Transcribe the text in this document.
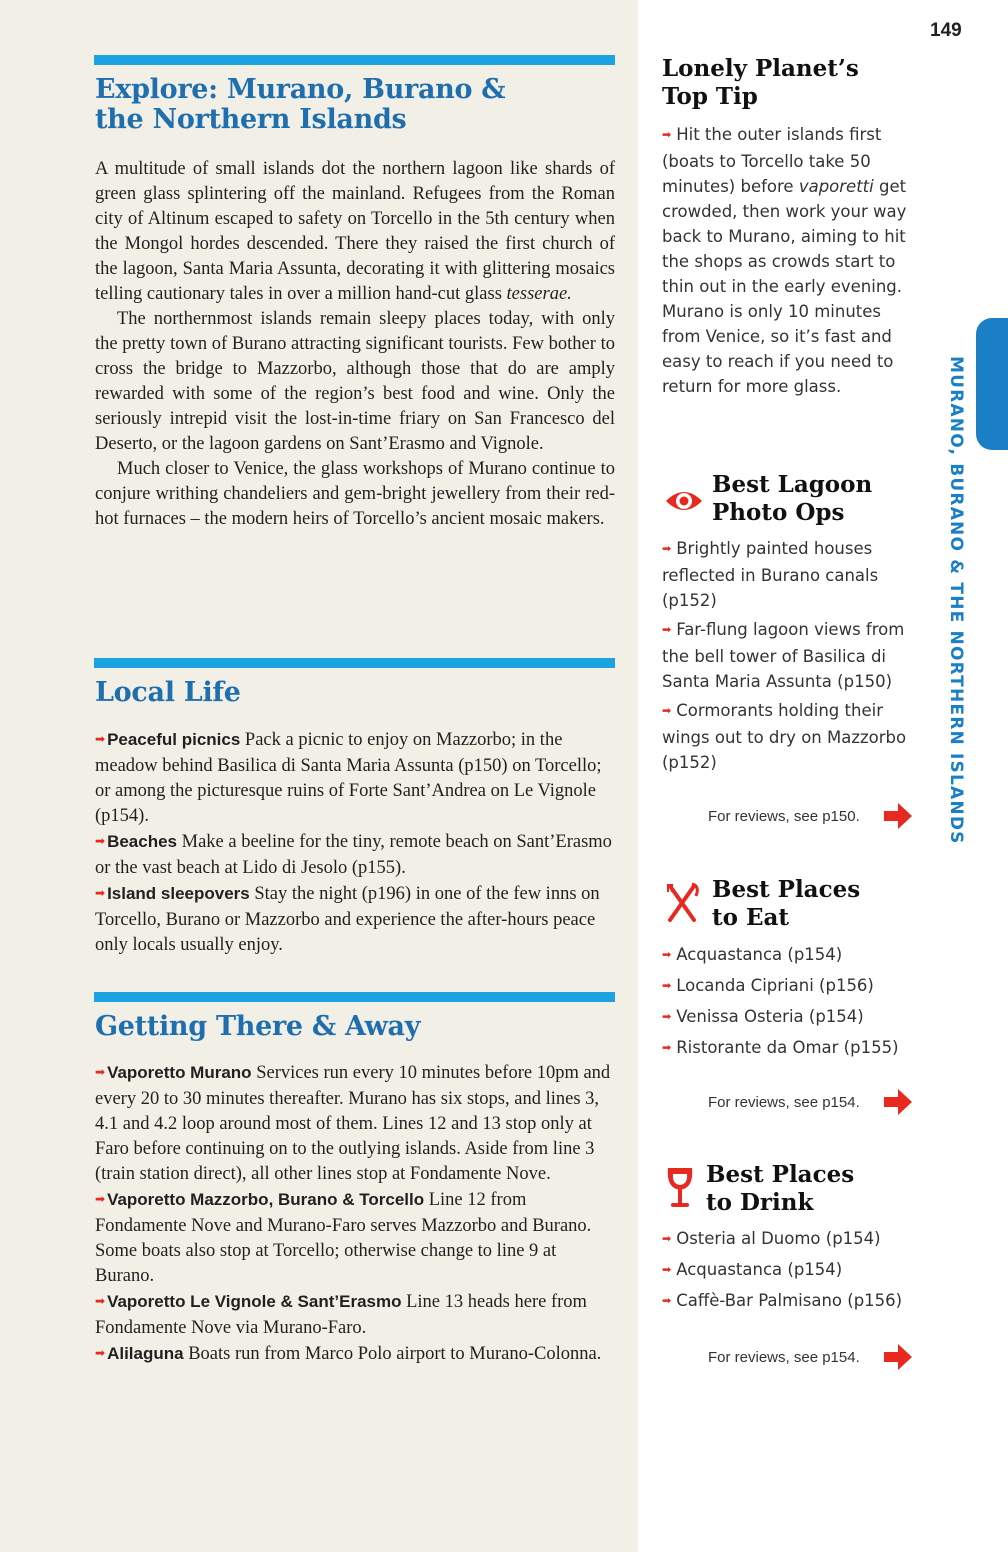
Explore: Murano, Burano &
the Northern Islands

A multitude of small islands dot the northern lagoon like shards of green glass splintering off the mainland. Refugees from the Roman city of Altinum escaped to safety on Torcello in the 5th century when the Mongol hordes descended. There they raised the first church of the lagoon, Santa Maria Assunta, decorating it with glittering mosaics telling cautionary tales in over a million hand-cut glass tesserae.

The northernmost islands remain sleepy places today, with only the pretty town of Burano attracting significant tourists. Few bother to cross the bridge to Mazzorbo, although those that do are amply rewarded with some of the region’s best food and wine. Only the seriously intrepid visit the lost-in-time friary on San Francesco del Deserto, or the lagoon gardens on Sant’Erasmo and Vignole.

Much closer to Venice, the glass workshops of Murano continue to conjure writhing chandeliers and gem-bright jewellery from their red-hot furnaces – the modern heirs of Torcello’s ancient mosaic makers.

Local Life

➡ Peaceful picnics Pack a picnic to enjoy on Mazzorbo; in the meadow behind Basilica di Santa Maria Assunta (p150) on Torcello; or among the picturesque ruins of Forte Sant’Andrea on Le Vignole (p154).

➡ Beaches Make a beeline for the tiny, remote beach on Sant’Erasmo or the vast beach at Lido di Jesolo (p155).

➡ Island sleepovers Stay the night (p196) in one of the few inns on Torcello, Burano or Mazzorbo and experience the after-hours peace only locals usually enjoy.

Getting There & Away

➡ Vaporetto Murano Services run every 10 minutes before 10pm and every 20 to 30 minutes thereafter. Murano has six stops, and lines 3, 4.1 and 4.2 loop around most of them. Lines 12 and 13 stop only at Faro before continuing on to the outlying islands. Aside from line 3 (train station direct), all other lines stop at Fondamente Nove.

➡ Vaporetto Mazzorbo, Burano & Torcello Line 12 from Fondamente Nove and Murano-Faro serves Mazzorbo and Burano. Some boats also stop at Torcello; otherwise change to line 9 at Burano.

➡ Vaporetto Le Vignole & Sant’Erasmo Line 13 heads here from Fondamente Nove via Murano-Faro.

➡ Alilaguna Boats run from Marco Polo airport to Murano-Colonna.

149
MURANO, BURANO & THE NORTHERN ISLANDS
Lonely Planet’s
Top Tip

➡ Hit the outer islands first (boats to Torcello take 50 minutes) before vaporetti get crowded, then work your way back to Murano, aiming to hit the shops as crowds start to thin out in the early evening. Murano is only 10 minutes from Venice, so it’s fast and easy to reach if you need to return for more glass.

Best Lagoon
Photo Ops

➡ Brightly painted houses reflected in Burano canals (p152)

➡ Far-flung lagoon views from the bell tower of Basilica di Santa Maria Assunta (p150)

➡ Cormorants holding their wings out to dry on Mazzorbo (p152)

For reviews, see p150.
Best Places
to Eat

➡ Acquastanca (p154)

➡ Locanda Cipriani (p156)

➡ Venissa Osteria (p154)

➡ Ristorante da Omar (p155)

For reviews, see p154.
Best Places
to Drink

➡ Osteria al Duomo (p154)

➡ Acquastanca (p154)

➡ Caffè-Bar Palmisano (p156)

For reviews, see p154.
